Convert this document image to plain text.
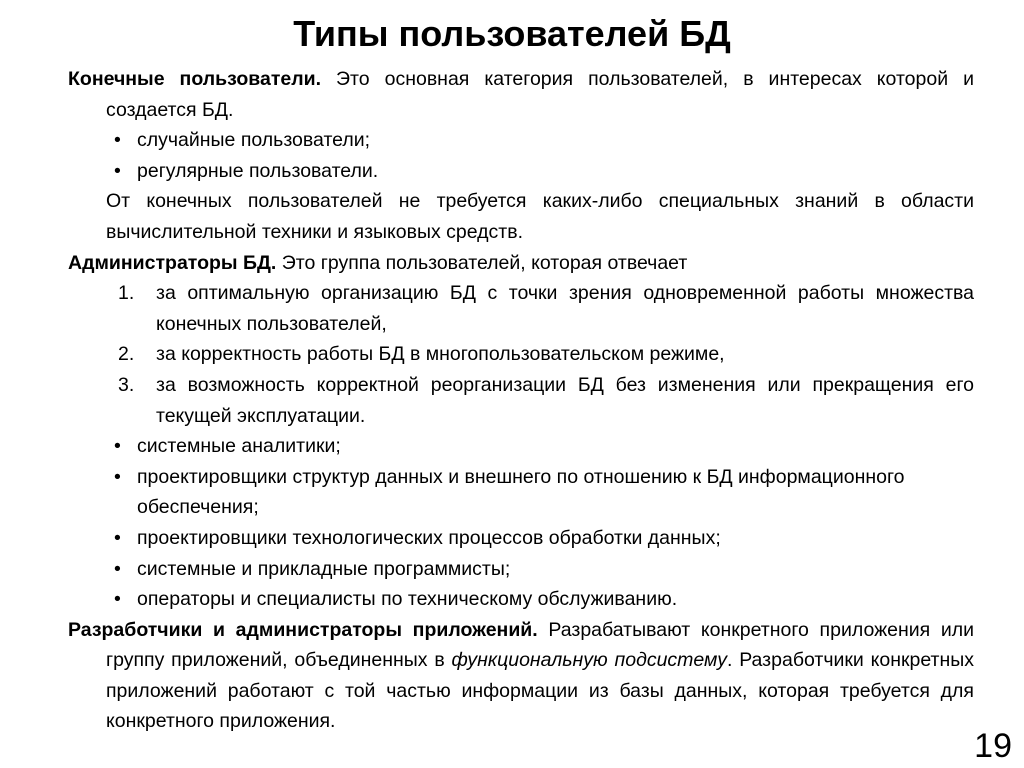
Типы пользователей БД

Конечные пользователи. Это основная категория пользователей, в интересах которой и создается БД.

• случайные пользователи;
• регулярные пользователи.

От конечных пользователей не требуется каких-либо специальных знаний в области вычислительной техники и языковых средств.

Администраторы БД. Это группа пользователей, которая отвечает

1. за оптимальную организацию БД с точки зрения одновременной работы множества конечных пользователей,
2. за корректность работы БД в многопользовательском режиме,
3. за возможность корректной реорганизации БД без изменения или прекращения его текущей эксплуатации.
• системные аналитики;
• проектировщики структур данных и внешнего по отношению к БД информационного обеспечения;
• проектировщики технологических процессов обработки данных;
• системные и прикладные программисты;
• операторы и специалисты по техническому обслуживанию.

Разработчики и администраторы приложений. Разрабатывают конкретного приложения или группу приложений, объединенных в функциональную подсистему. Разработчики конкретных приложений работают с той частью информации из базы данных, которая требуется для конкретного приложения.

19
